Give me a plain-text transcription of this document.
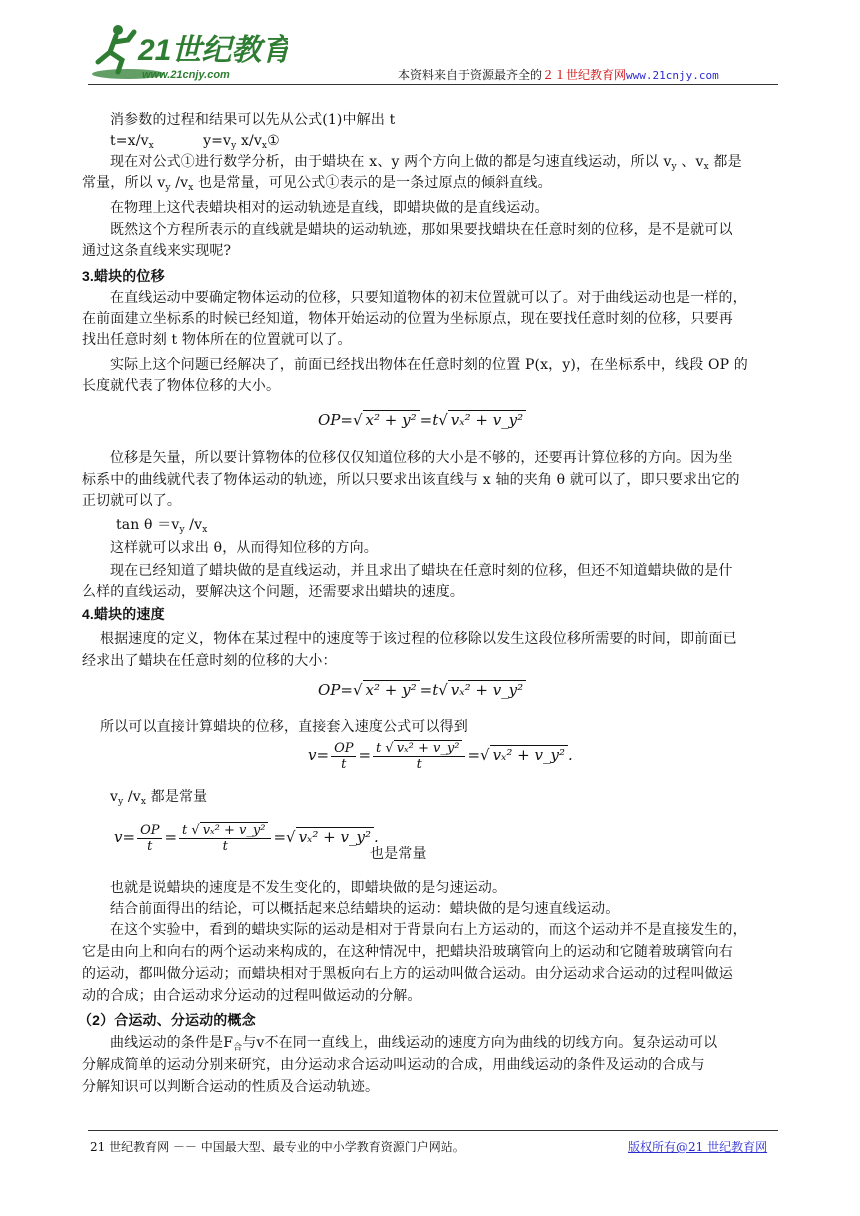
21世纪教育
www.21cnjy.com	本资料来自于资源最齐全的２１世纪教育网www.21cnjy.com
消参数的过程和结果可以先从公式(1)中解出 t
$t=x/v_x$	$y=v_y$ $x/v_x①$
现在对公式①进行数学分析，由于蜡块在 x、y 两个方向上做的都是匀速直线运动，所以 $v_y$ 、$v_x$ 都是
常量，所以 $v_y$ $/v_x$ 也是常量，可见公式①表示的是一条过原点的倾斜直线。
在物理上这代表蜡块相对的运动轨迹是直线，即蜡块做的是直线运动。
既然这个方程所表示的直线就是蜡块的运动轨迹，那如果要找蜡块在任意时刻的位移，是不是就可以
通过这条直线来实现呢?
3.蜡块的位移
在直线运动中要确定物体运动的位移，只要知道物体的初末位置就可以了。对于曲线运动也是一样的，
在前面建立坐标系的时候已经知道，物体开始运动的位置为坐标原点，现在要找任意时刻的位移，只要再
找出任意时刻 t 物体所在的位置就可以了。
实际上这个问题已经解决了，前面已经找出物体在任意时刻的位置 P(x，y)，在坐标系中，线段 OP 的
长度就代表了物体位移的大小。
OP=√ x² + y² =t√ vₓ² + v_y²
位移是矢量，所以要计算物体的位移仅仅知道位移的大小是不够的，还要再计算位移的方向。因为坐
标系中的曲线就代表了物体运动的轨迹，所以只要求出该直线与 x 轴的夹角 θ 就可以了，即只要求出它的
正切就可以了。
$\tan \theta =v_y$ $/v_x$
这样就可以求出 θ，从而得知位移的方向。
现在已经知道了蜡块做的是直线运动，并且求出了蜡块在任意时刻的位移，但还不知道蜡块做的是什
么样的直线运动，要解决这个问题，还需要求出蜡块的速度。
4.蜡块的速度
根据速度的定义，物体在某过程中的速度等于该过程的位移除以发生这段位移所需要的时间，即前面已
经求出了蜡块在任意时刻的位移的大小：
OP=√ x² + y² =t√ vₓ² + v_y²
所以可以直接计算蜡块的位移，直接套入速度公式可以得到
$v= \frac{OP}{t} = \frac{\text{t √ vₓ² + v\_y²}}{t}$ =√ vₓ² + v_y² .
$v_y$ $/v_x$ 都是常量
$v= \frac{OP}{t} = \frac{\text{t √ vₓ² + v\_y²}}{t}$ =√ vₓ² + v_y² .
也是常量
也就是说蜡块的速度是不发生变化的，即蜡块做的是匀速运动。
结合前面得出的结论，可以概括起来总结蜡块的运动：蜡块做的是匀速直线运动。
在这个实验中，看到的蜡块实际的运动是相对于背景向右上方运动的，而这个运动并不是直接发生的，
它是由向上和向右的两个运动来构成的，在这种情况中，把蜡块沿玻璃管向上的运动和它随着玻璃管向右
的运动，都叫做分运动；而蜡块相对于黑板向右上方的运动叫做合运动。由分运动求合运动的过程叫做运
动的合成；由合运动求分运动的过程叫做运动的分解。
（2）合运动、分运动的概念
曲线运动的条件是$F_合$与v不在同一直线上，曲线运动的速度方向为曲线的切线方向。复杂运动可以
分解成简单的运动分别来研究，由分运动求合运动叫运动的合成，用曲线运动的条件及运动的合成与
分解知识可以判断合运动的性质及合运动轨迹。
21 世纪教育网 －－ 中国最大型、最专业的中小学教育资源门户网站。	版权所有@21 世纪教育网
